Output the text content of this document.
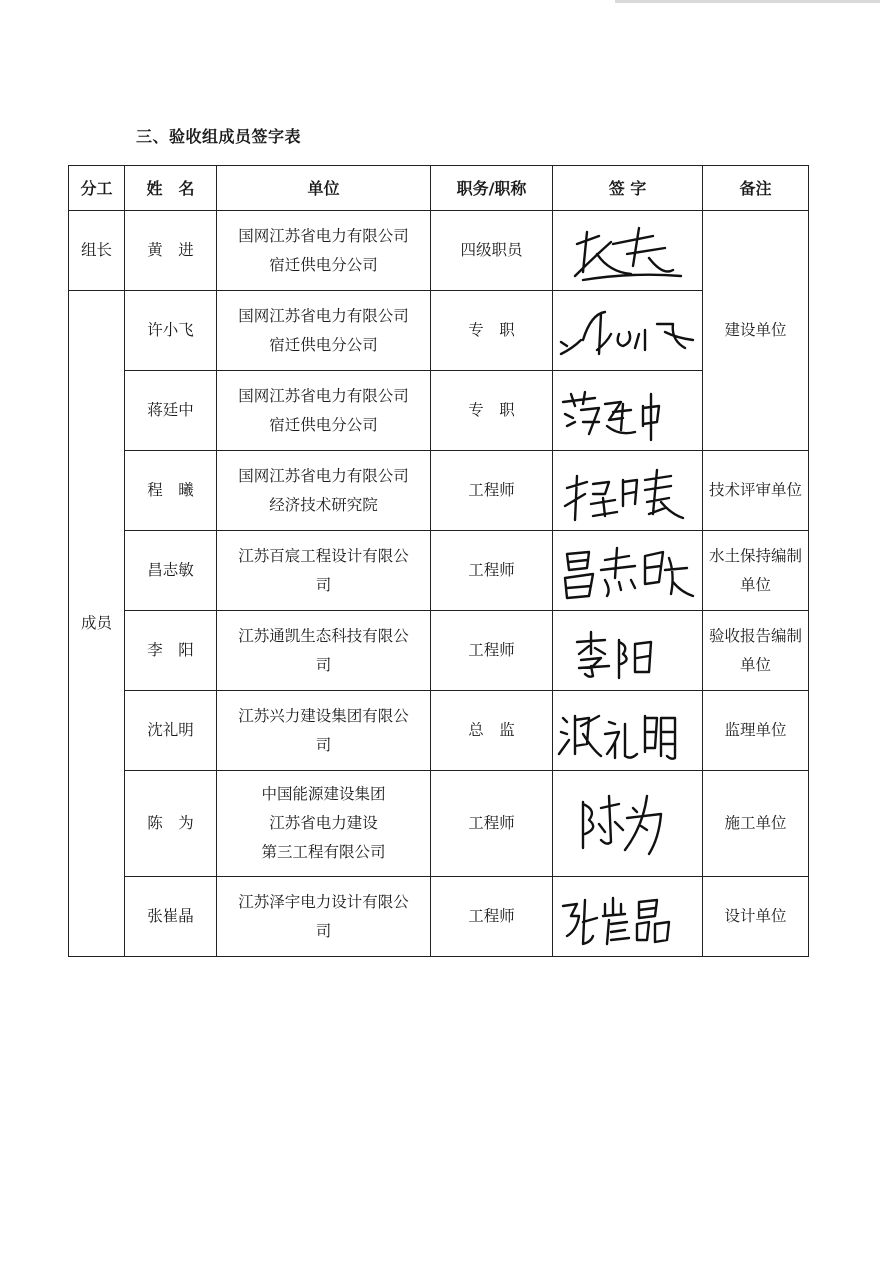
三、验收组成员签字表
分工	姓　名	单位	职务/职称	签 字	备注
组长	黄　进	国网江苏省电力有限公司
宿迁供电分公司	四级职员		建设单位
成员	许小飞	国网江苏省电力有限公司
宿迁供电分公司	专　职	

	蒋廷中	国网江苏省电力有限公司
宿迁供电分公司	专　职	

	程　曦	国网江苏省电力有限公司
经济技术研究院	工程师		技术评审单位
	昌志敏	江苏百宸工程设计有限公
司	工程师		水土保持编制单位
	李　阳	江苏通凯生态科技有限公
司	工程师		验收报告编制单位
	沈礼明	江苏兴力建设集团有限公
司	总　监		监理单位
	陈　为	中国能源建设集团
江苏省电力建设
第三工程有限公司	工程师		施工单位
	张崔晶	江苏泽宇电力设计有限公
司	工程师		设计单位
